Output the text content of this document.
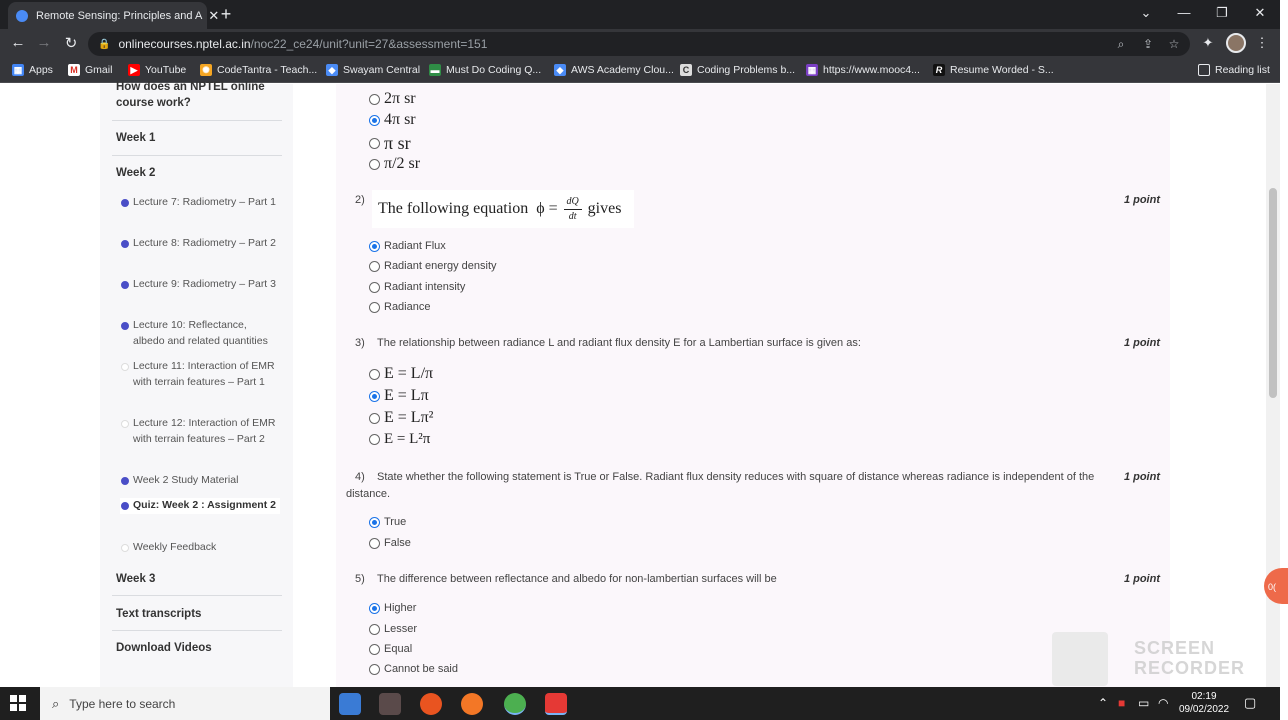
Remote Sensing: Principles and A ✕ +	⌄	—	❐	✕
← → ↻	🔒 onlinecourses.nptel.ac.in /noc22_ce24/unit?unit=27&assessment=151	⌕	⇪ ☆	✦	⋮
▦ Apps M Gmail ▶ YouTube ✺ CodeTantra - Teach... ◆ Swayam Central ▬ Must Do Coding Q... ◆ AWS Academy Clou... C Coding Problems b... ▦ https://www.mooc4...	R Resume Worded - S...	Reading list
How does an NPTEL online course work?
Week 1
Week 2
Lecture 7: Radiometry – Part 1
Lecture 8: Radiometry – Part 2
Lecture 9: Radiometry – Part 3
Lecture 10: Reflectance, albedo and related quantities
Lecture 11: Interaction of EMR with terrain features – Part 1
Lecture 12: Interaction of EMR with terrain features – Part 2
Week 2 Study Material
Quiz: Week 2 : Assignment 2
Weekly Feedback
Week 3
Text transcripts
Download Videos
2π sr
4π sr
π sr
π/2 sr
2) The following equation $\phi = \frac{dQ}{dt}$ gives	1 point
Radiant Flux
Radiant energy density
Radiant intensity
Radiance
3) The relationship between radiance L and radiant flux density E for a Lambertian surface is given as:	1 point
E = L/π
E = Lπ
E = Lπ²
E = L²π
4)	State whether the following statement is True or False. Radiant flux density reduces with square of distance whereas radiance is independent of the distance.
1 point
True
False
5) The difference between reflectance and albedo for non-lambertian surfaces will be	1 point
Higher
Lesser
Equal
Cannot be said
0(
SCREEN RECORDER
⌕ Type here to search	⌃ ■ ▭ ◠	02:19
09/02/2022 ▢
